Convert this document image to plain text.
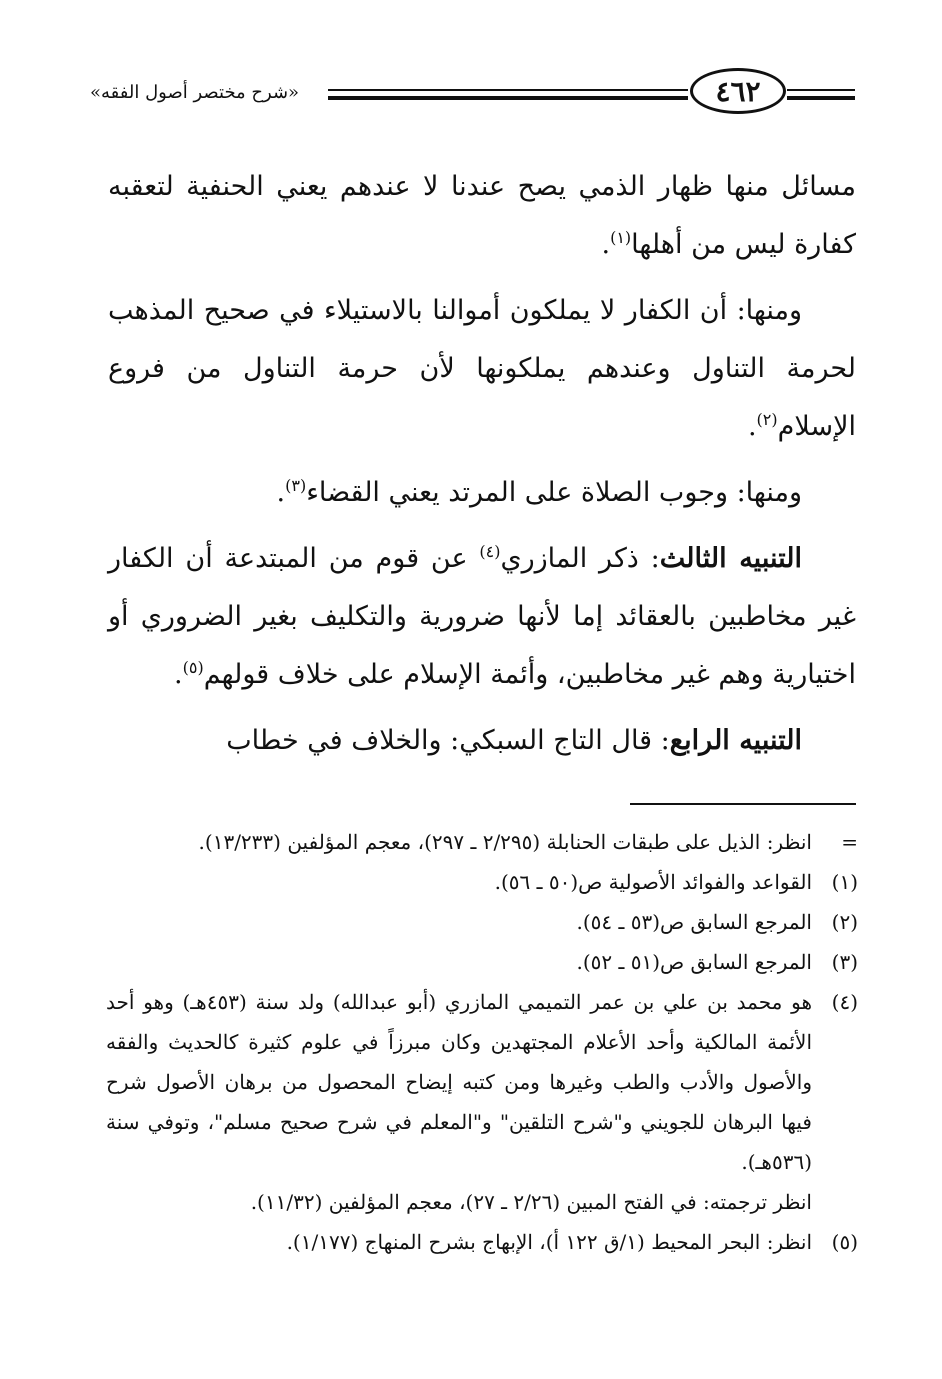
«شرح مختصر أصول الفقه»	٤٦٢

مسائل منها ظهار الذمي يصح عندنا لا عندهم يعني الحنفية لتعقبه كفارة ليس من أهلها$^{(١)}$.

ومنها: أن الكفار لا يملكون أموالنا بالاستيلاء في صحيح المذهب لحرمة التناول وعندهم يملكونها لأن حرمة التناول من فروع الإسلام$^{(٢)}$.

ومنها: وجوب الصلاة على المرتد يعني القضاء$^{(٣)}$.

التنبيه الثالث: ذكر المازري$^{(٤)}$ عن قوم من المبتدعة أن الكفار غير مخاطبين بالعقائد إما لأنها ضرورية والتكليف بغير الضروري أو اختيارية وهم غير مخاطبين، وأئمة الإسلام على خلاف قولهم$^{(٥)}$.

التنبيه الرابع: قال التاج السبكي: والخلاف في خطاب

=
انظر: الذيل على طبقات الحنابلة (٢/٢٩٥ ـ ٢٩٧)، معجم المؤلفين (١٣/٢٣٣).
(١)
القواعد والفوائد الأصولية ص(٥٠ ـ ٥٦).
(٢)
المرجع السابق ص(٥٣ ـ ٥٤).
(٣)
المرجع السابق ص(٥١ ـ ٥٢).
(٤)
هو محمد بن علي بن عمر التميمي المازري (أبو عبدالله) ولد سنة (٤٥٣هـ) وهو أحد الأئمة المالكية وأحد الأعلام المجتهدين وكان مبرزاً في علوم كثيرة كالحديث والفقه والأصول والأدب والطب وغيرها ومن كتبه إيضاح المحصول من برهان الأصول شرح فيها البرهان للجويني و"شرح التلقين" و"المعلم في شرح صحيح مسلم"، وتوفي سنة (٥٣٦هـ).
انظر ترجمته: في الفتح المبين (٢/٢٦ ـ ٢٧)، معجم المؤلفين (١١/٣٢).
(٥)
انظر: البحر المحيط (١/ق ١٢٢ أ)، الإبهاج بشرح المنهاج (١/١٧٧).
